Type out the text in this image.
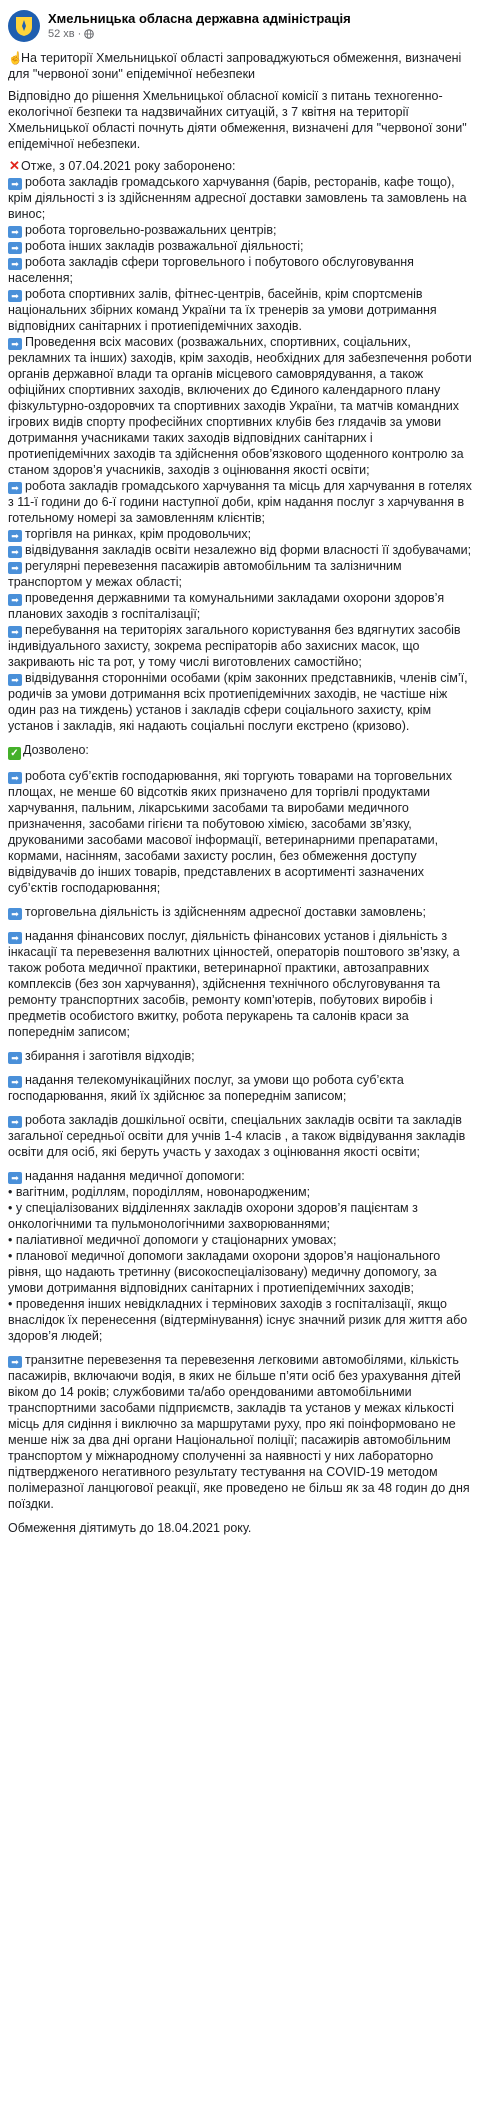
Хмельницька обласна державна адміністрація
52 хв ·
☝На території Хмельницької області запроваджуються обмеження, визначені для "червоної зони" епідемічної небезпеки
Відповідно до рішення Хмельницької обласної комісії з питань техногенно-екологічної безпеки та надзвичайних ситуацій, з 7 квітня на території Хмельницької області почнуть діяти обмеження, визначені для "червоної зони" епідемічної небезпеки.
✕Отже, з 07.04.2021 року заборонено:
➡ робота закладів громадського харчування (барів, ресторанів, кафе тощо), крім діяльності з із здійсненням адресної доставки замовлень та замовлень на винос;
➡ робота торговельно-розважальних центрів;
➡ робота інших закладів розважальної діяльності;
➡ робота закладів сфери торговельного і побутового обслуговування населення;
➡ робота спортивних залів, фітнес-центрів, басейнів, крім спортсменів національних збірних команд України та їх тренерів за умови дотримання відповідних санітарних і протиепідемічних заходів.
➡ Проведення всіх масових (розважальних, спортивних, соціальних, рекламних та інших) заходів, крім заходів, необхідних для забезпечення роботи органів державної влади та органів місцевого самоврядування, а також офіційних спортивних заходів, включених до Єдиного календарного плану фізкультурно-оздоровчих та спортивних заходів України, та матчів командних ігрових видів спорту професійних спортивних клубів без глядачів за умови дотримання учасниками таких заходів відповідних санітарних і протиепідемічних заходів та здійснення обов’язкового щоденного контролю за станом здоров’я учасників, заходів з оцінювання якості освіти;
➡ робота закладів громадського харчування та місць для харчування в готелях з 11-ї години до 6-ї години наступної доби, крім надання послуг з харчування в готельному номері за замовленням клієнтів;
➡ торгівля на ринках, крім продовольчих;
➡ відвідування закладів освіти незалежно від форми власності її здобувачами;
➡ регулярні перевезення пасажирів автомобільним та залізничним транспортом у межах області;
➡ проведення державними та комунальними закладами охорони здоров’я планових заходів з госпіталізації;
➡ перебування на територіях загального користування без вдягнутих засобів індивідуального захисту, зокрема респіраторів або захисних масок, що закривають ніс та рот, у тому числі виготовлених самостійно;
➡ відвідування сторонніми особами (крім законних представників, членів сім’ї, родичів за умови дотримання всіх протиепідемічних заходів, не частіше ніж один раз на тиждень) установ і закладів сфери соціального захисту, крім установ і закладів, які надають соціальні послуги екстрено (кризово).
✓ Дозволено:
➡ робота суб’єктів господарювання, які торгують товарами на торговельних площах, не менше 60 відсотків яких призначено для торгівлі продуктами харчування, пальним, лікарськими засобами та виробами медичного призначення, засобами гігієни та побутовою хімією, засобами зв’язку, друкованими засобами масової інформації, ветеринарними препаратами, кормами, насінням, засобами захисту рослин, без обмеження доступу відвідувачів до інших товарів, представлених в асортименті зазначених суб’єктів господарювання;
➡ торговельна діяльність із здійсненням адресної доставки замовлень;
➡ надання фінансових послуг, діяльність фінансових установ і діяльність з інкасації та перевезення валютних цінностей, операторів поштового зв’язку, а також робота медичної практики, ветеринарної практики, автозаправних комплексів (без зон харчування), здійснення технічного обслуговування та ремонту транспортних засобів, ремонту комп’ютерів, побутових виробів і предметів особистого вжитку, робота перукарень та салонів краси за попереднім записом;
➡ збирання і заготівля відходів;
➡ надання телекомунікаційних послуг, за умови що робота суб’єкта господарювання, який їх здійснює за попереднім записом;
➡ робота закладів дошкільної освіти, спеціальних закладів освіти та закладів загальної середньої освіти для учнів 1-4 класів , а також відвідування закладів освіти для осіб, які беруть участь у заходах з оцінювання якості освіти;
➡ надання надання медичної допомоги:
• вагітним, роділлям, породіллям, новонародженим;
• у спеціалізованих відділеннях закладів охорони здоров’я пацієнтам з онкологічними та пульмонологічними захворюваннями;
• паліативної медичної допомоги у стаціонарних умовах;
• планової медичної допомоги закладами охорони здоров’я національного рівня, що надають третинну (високоспеціалізовану) медичну допомогу, за умови дотримання відповідних санітарних і протиепідемічних заходів;
• проведення інших невідкладних і термінових заходів з госпіталізації, якщо внаслідок їх перенесення (відтермінування) існує значний ризик для життя або здоров’я людей;
➡ транзитне перевезення та перевезення легковими автомобілями, кількість пасажирів, включаючи водія, в яких не більше п’яти осіб без урахування дітей віком до 14 років; службовими та/або орендованими автомобільними транспортними засобами підприємств, закладів та установ у межах кількості місць для сидіння і виключно за маршрутами руху, про які поінформовано не менше ніж за два дні органи Національної поліції; пасажирів автомобільним транспортом у міжнародному сполученні за наявності у них лабораторно підтвердженого негативного результату тестування на COVID-19 методом полімеразної ланцюгової реакції, яке проведено не більш як за 48 годин до дня поїздки.
Обмеження діятимуть до 18.04.2021 року.
